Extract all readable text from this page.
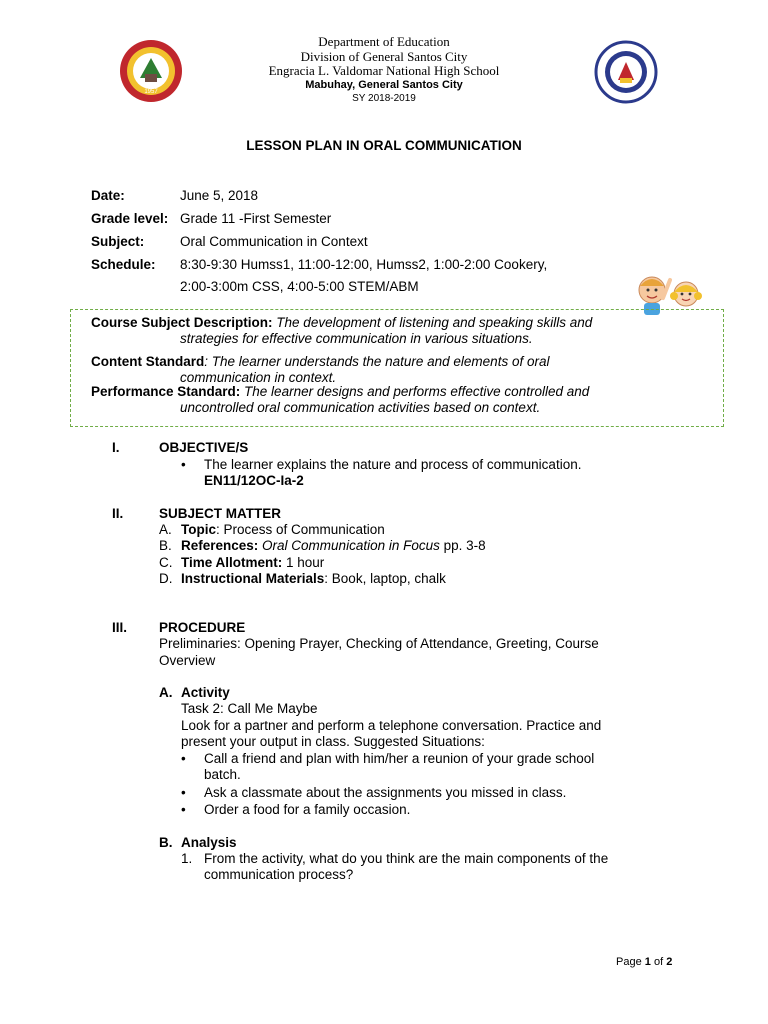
1957
Department of Education
Division of General Santos City
Engracia L. Valdomar National High School
Mabuhay, General Santos City
SY 2018-2019
LESSON PLAN IN ORAL COMMUNICATION
Date:	June 5, 2018
Grade level: Grade 11 -First Semester
Subject:	Oral Communication in Context
Schedule: 8:30-9:30 Humss1, 11:00-12:00, Humss2, 1:00-2:00 Cookery,
2:00-3:00m CSS, 4:00-5:00 STEM/ABM
Course Subject Description: The development of listening and speaking skills and
strategies for effective communication in various situations.
Content Standard: The learner understands the nature and elements of oral
communication in context.
Performance Standard: The learner designs and performs effective controlled and
uncontrolled oral communication activities based on context.
I.	OBJECTIVE/S
• The learner explains the nature and process of communication.
EN11/12OC-Ia-2
II.	SUBJECT MATTER
A. Topic: Process of Communication
B. References: Oral Communication in Focus pp. 3-8
C. Time Allotment: 1 hour
D. Instructional Materials: Book, laptop, chalk
III. PROCEDURE
Preliminaries: Opening Prayer, Checking of Attendance, Greeting, Course
Overview
A. Activity
Task 2: Call Me Maybe
Look for a partner and perform a telephone conversation. Practice and
present your output in class. Suggested Situations:
• Call a friend and plan with him/her a reunion of your grade school
batch.
• Ask a classmate about the assignments you missed in class.
• Order a food for a family occasion.
B. Analysis
1. From the activity, what do you think are the main components of the
communication process?
Page 1 of 2
